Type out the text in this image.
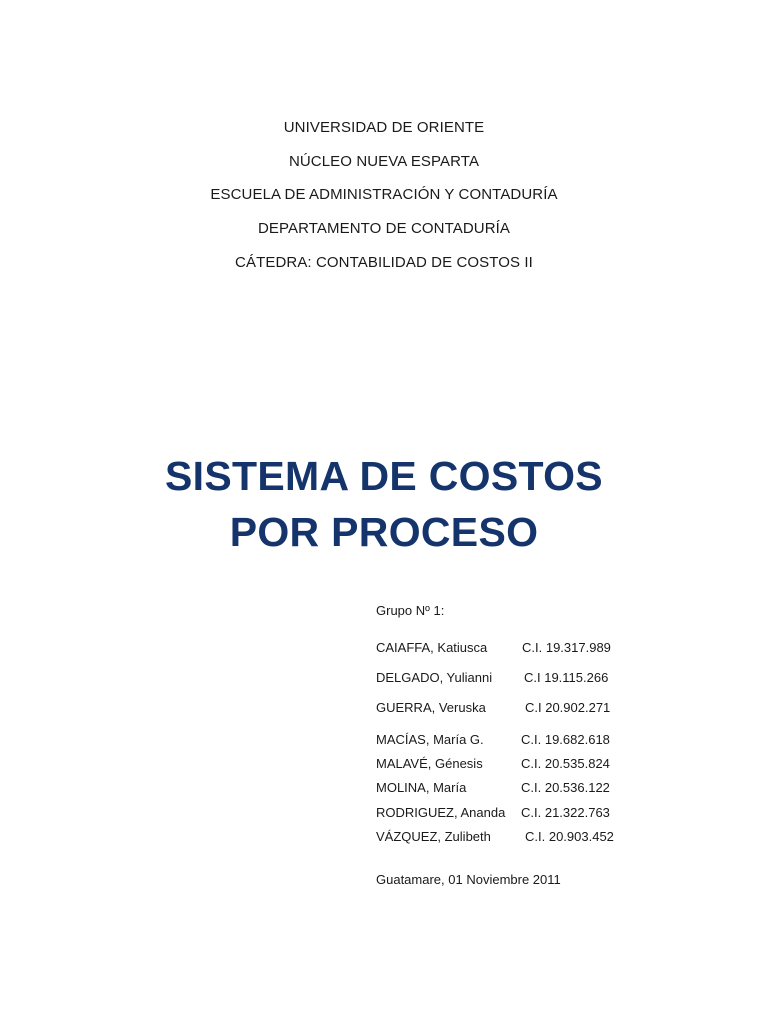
UNIVERSIDAD DE ORIENTE
NÚCLEO NUEVA ESPARTA
ESCUELA DE ADMINISTRACIÓN Y CONTADURÍA
DEPARTAMENTO DE CONTADURÍA
CÁTEDRA: CONTABILIDAD DE COSTOS II
SISTEMA DE COSTOS
POR PROCESO
Grupo Nº 1:
CAIAFFA, Katiusca	C.I. 19.317.989
DELGADO, Yulianni C.I 19.115.266
GUERRA, Veruska	C.I 20.902.271
MACÍAS, María G.	C.I. 19.682.618
MALAVÉ, Génesis	C.I. 20.535.824
MOLINA, María	C.I. 20.536.122
RODRIGUEZ, Ananda C.I. 21.322.763
VÁZQUEZ, Zulibeth	C.I. 20.903.452
Guatamare, 01 Noviembre 2011
